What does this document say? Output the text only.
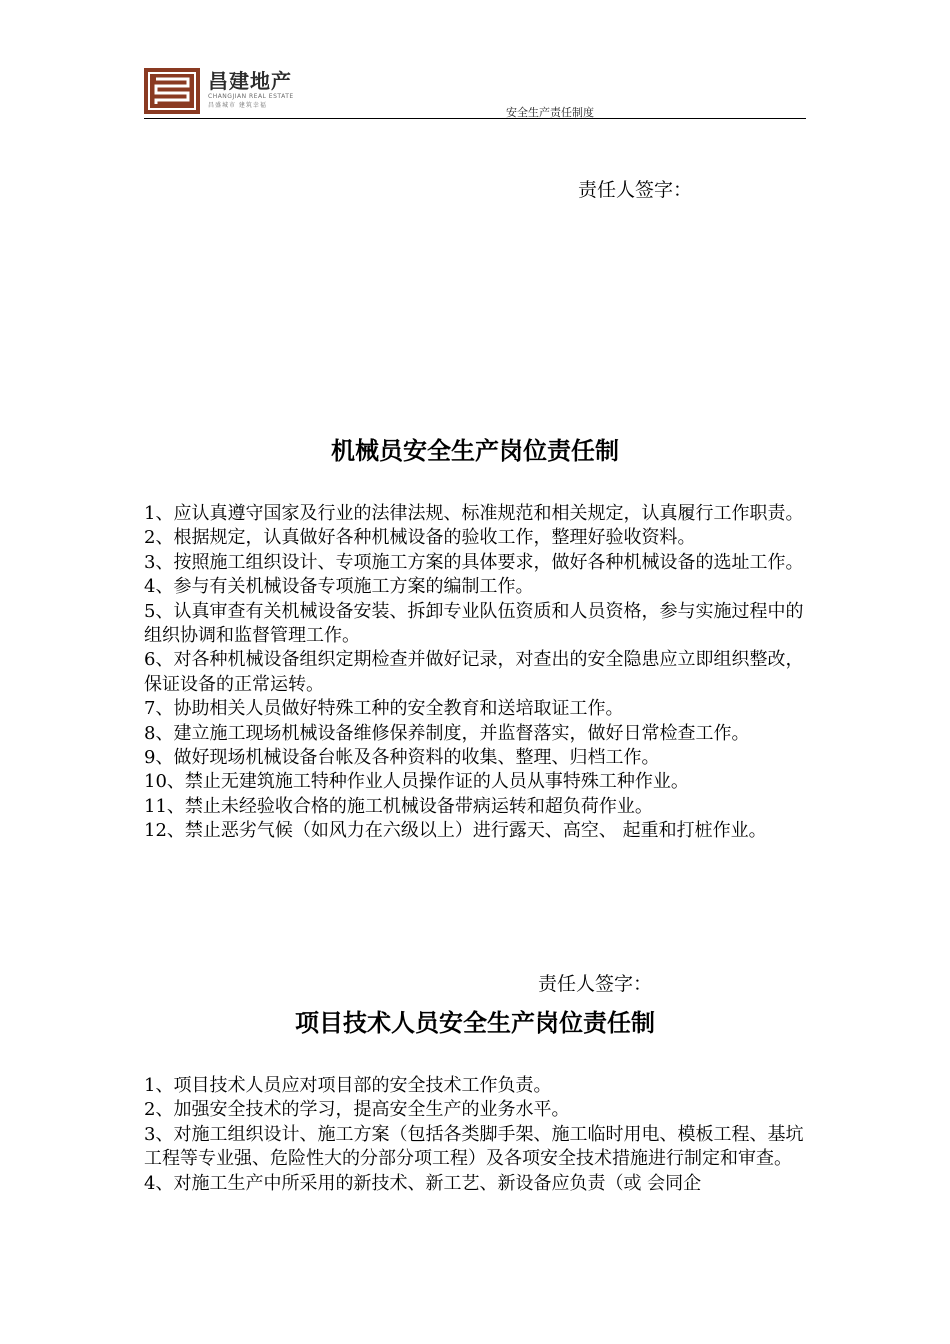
昌建地产
CHANGJIAN REAL ESTATE
昌盛城市 建筑幸福
安全生产责任制度
责任人签字：
机械员安全生产岗位责任制

1、应认真遵守国家及行业的法律法规、标准规范和相关规定，认真履行工作职责。

2、根据规定，认真做好各种机械设备的验收工作，整理好验收资料。

3、按照施工组织设计、专项施工方案的具体要求，做好各种机械设备的选址工作。

4、参与有关机械设备专项施工方案的编制工作。

5、认真审查有关机械设备安装、拆卸专业队伍资质和人员资格，参与实施过程中的组织协调和监督管理工作。

6、对各种机械设备组织定期检查并做好记录，对查出的安全隐患应立即组织整改，保证设备的正常运转。

7、协助相关人员做好特殊工种的安全教育和送培取证工作。

8、建立施工现场机械设备维修保养制度，并监督落实，做好日常检查工作。

9、做好现场机械设备台帐及各种资料的收集、整理、归档工作。

10、禁止无建筑施工特种作业人员操作证的人员从事特殊工种作业。

11、禁止未经验收合格的施工机械设备带病运转和超负荷作业。

12、禁止恶劣气候（如风力在六级以上）进行露天、高空、 起重和打桩作业。

责任人签字：
项目技术人员安全生产岗位责任制

1、项目技术人员应对项目部的安全技术工作负责。

2、加强安全技术的学习，提高安全生产的业务水平。

3、对施工组织设计、施工方案（包括各类脚手架、施工临时用电、模板工程、基坑工程等专业强、危险性大的分部分项工程）及各项安全技术措施进行制定和审查。

4、对施工生产中所采用的新技术、新工艺、新设备应负责（或 会同企
